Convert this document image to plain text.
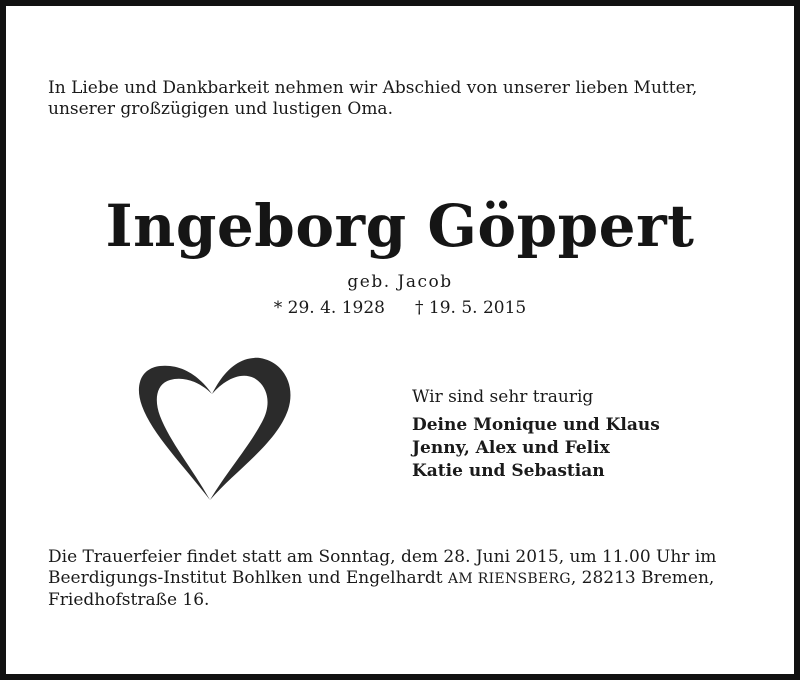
In Liebe und Dankbarkeit nehmen wir Abschied von unserer lieben Mutter,
unserer großzügigen und lustigen Oma.
Ingeborg Göppert
geb. Jacob
* 29. 4. 1928 † 19. 5. 2015
Wir sind sehr traurig
Deine Monique und Klaus
Jenny, Alex und Felix
Katie und Sebastian
Die Trauerfeier findet statt am Sonntag, dem 28. Juni 2015, um 11.00 Uhr im
Beerdigungs-Institut Bohlken und Engelhardt AM RIENSBERG, 28213 Bremen,
Friedhofstraße 16.
